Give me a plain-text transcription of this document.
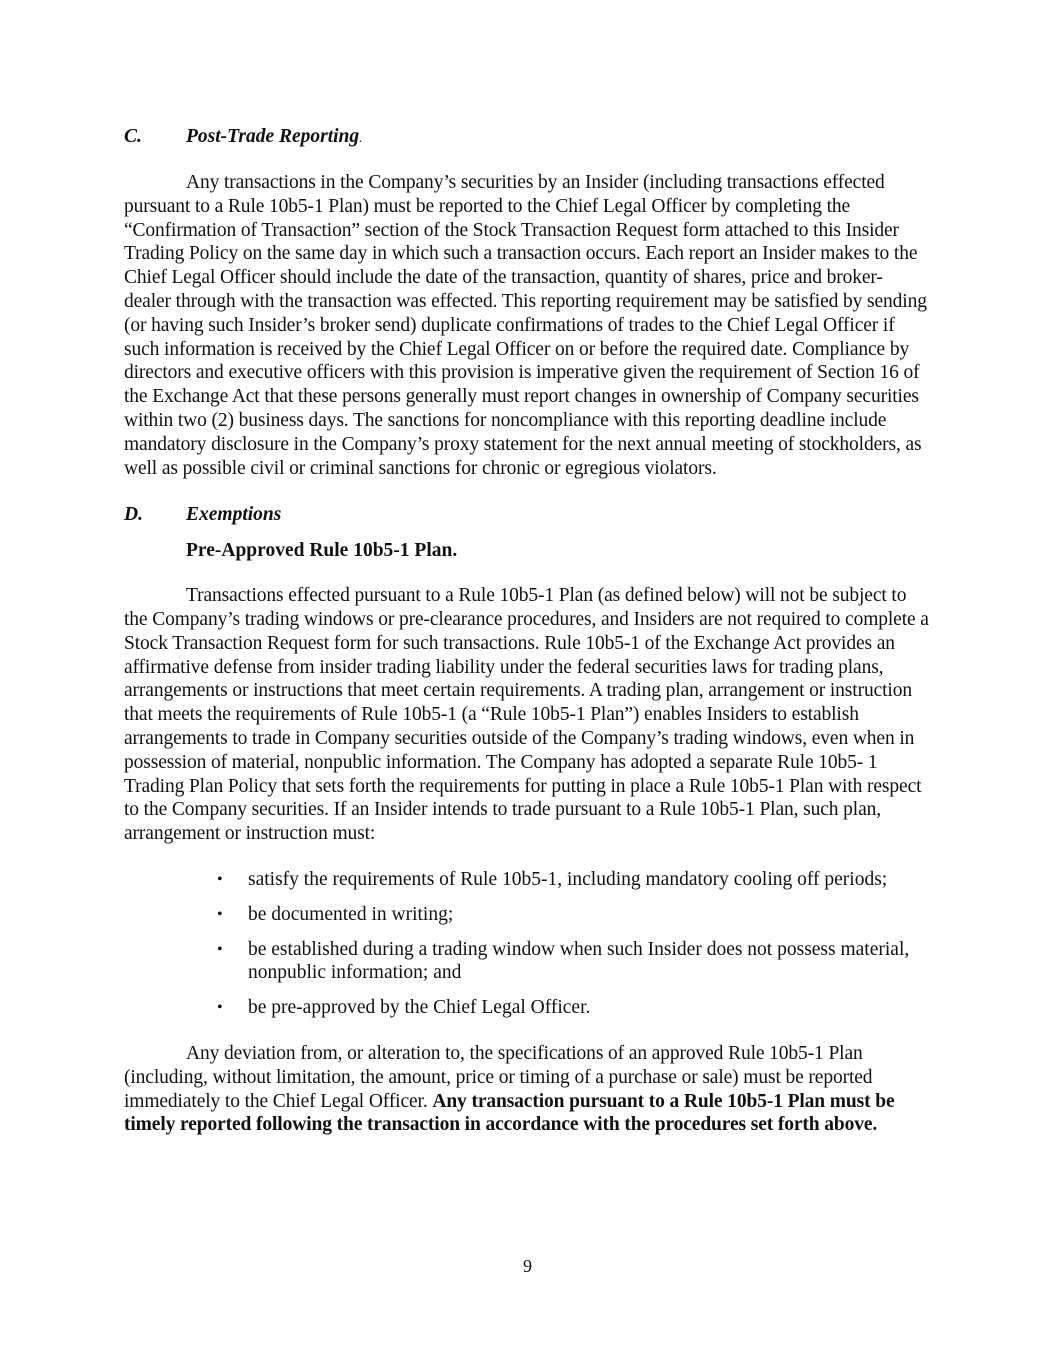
C. Post-Trade Reporting.

Any transactions in the Company’s securities by an Insider (including transactions effected pursuant to a Rule 10b5-1 Plan) must be reported to the Chief Legal Officer by completing the “Confirmation of Transaction” section of the Stock Transaction Request form attached to this Insider Trading Policy on the same day in which such a transaction occurs. Each report an Insider makes to the Chief Legal Officer should include the date of the transaction, quantity of shares, price and broker-dealer through with the transaction was effected. This reporting requirement may be satisfied by sending (or having such Insider’s broker send) duplicate confirmations of trades to the Chief Legal Officer if such information is received by the Chief Legal Officer on or before the required date. Compliance by directors and executive officers with this provision is imperative given the requirement of Section 16 of the Exchange Act that these persons generally must report changes in ownership of Company securities within two (2) business days. The sanctions for noncompliance with this reporting deadline include mandatory disclosure in the Company’s proxy statement for the next annual meeting of stockholders, as well as possible civil or criminal sanctions for chronic or egregious violators.

D. Exemptions

Pre-Approved Rule 10b5-1 Plan.

Transactions effected pursuant to a Rule 10b5-1 Plan (as defined below) will not be subject to the Company’s trading windows or pre-clearance procedures, and Insiders are not required to complete a Stock Transaction Request form for such transactions. Rule 10b5-1 of the Exchange Act provides an affirmative defense from insider trading liability under the federal securities laws for trading plans, arrangements or instructions that meet certain requirements. A trading plan, arrangement or instruction that meets the requirements of Rule 10b5-1 (a “Rule 10b5-1 Plan”) enables Insiders to establish arrangements to trade in Company securities outside of the Company’s trading windows, even when in possession of material, nonpublic information. The Company has adopted a separate Rule 10b5- 1 Trading Plan Policy that sets forth the requirements for putting in place a Rule 10b5-1 Plan with respect to the Company securities. If an Insider intends to trade pursuant to a Rule 10b5-1 Plan, such plan, arrangement or instruction must:

• satisfy the requirements of Rule 10b5-1, including mandatory cooling off periods;
• be documented in writing;
• be established during a trading window when such Insider does not possess material, nonpublic information; and
• be pre-approved by the Chief Legal Officer.

Any deviation from, or alteration to, the specifications of an approved Rule 10b5-1 Plan (including, without limitation, the amount, price or timing of a purchase or sale) must be reported immediately to the Chief Legal Officer. Any transaction pursuant to a Rule 10b5-1 Plan must be timely reported following the transaction in accordance with the procedures set forth above.

9
